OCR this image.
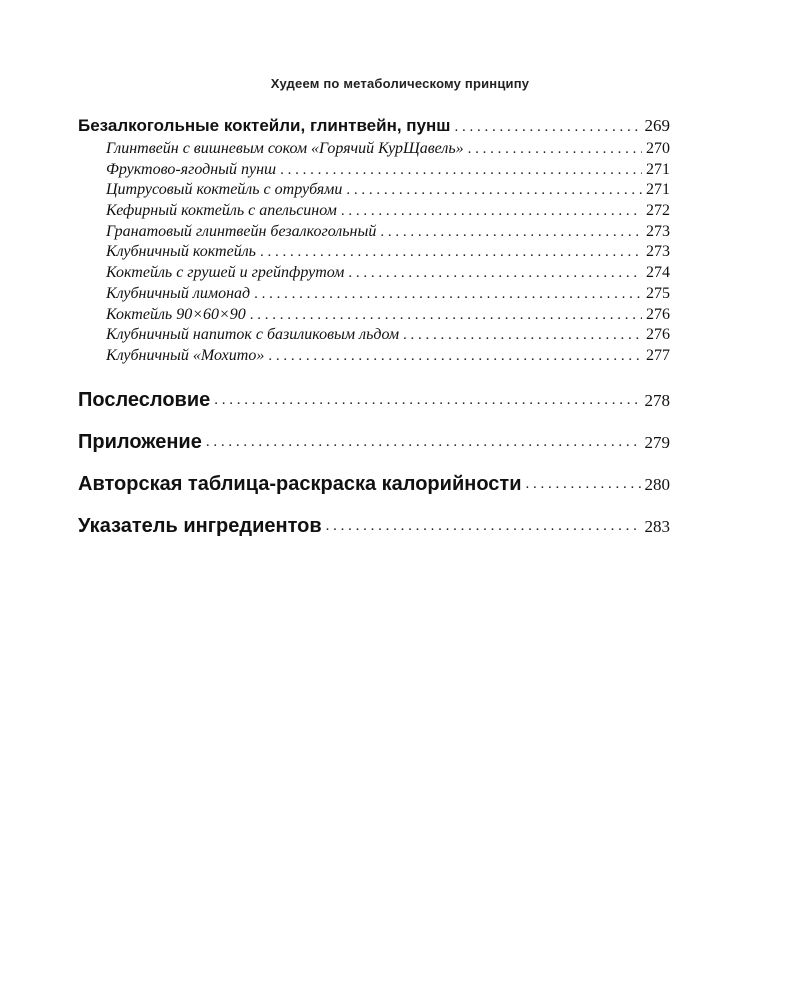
Худеем по метаболическому принципу
Безалкогольные коктейли, глинтвейн, пунш . . .	269
Глинтвейн с вишневым соком «Горячий КурЩавель» . . .	270
Фруктово-ягодный пунш . . .	271
Цитрусовый коктейль с отрубями . . .	271
Кефирный коктейль с апельсином . . .	272
Гранатовый глинтвейн безалкогольный . . .	273
Клубничный коктейль . . .	273
Коктейль с грушей и грейпфрутом . . .	274
Клубничный лимонад . . .	275
Коктейль 90×60×90 . . .	276
Клубничный напиток с базиликовым льдом . . .	276
Клубничный «Мохито» . . .	277
Послесловие . . .	278
Приложение . . .	279
Авторская таблица-раскраска калорийности . . .	280
Указатель ингредиентов . . .	283
